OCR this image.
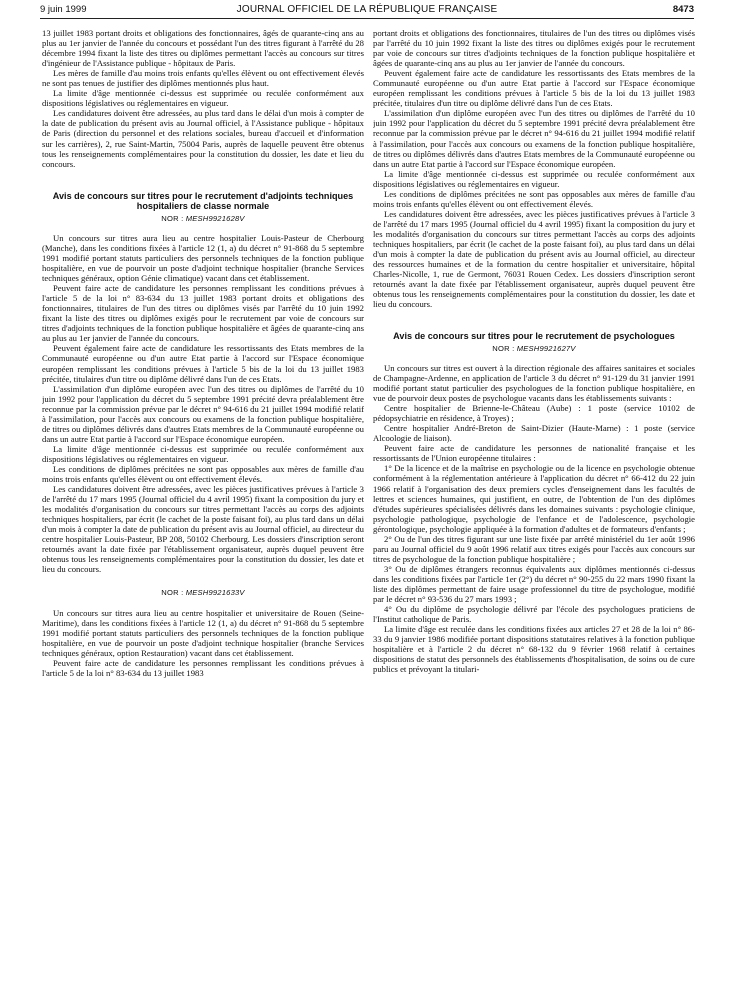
9 juin 1999	JOURNAL OFFICIEL DE LA RÉPUBLIQUE FRANÇAISE	8473

13 juillet 1983 portant droits et obligations des fonctionnaires, âgés de quarante-cinq ans au plus au 1er janvier de l'année du concours et possédant l'un des titres figurant à l'arrêté du 28 décembre 1994 fixant la liste des titres ou diplômes permettant l'accès au concours sur titres d'ingénieur de l'Assistance publique - hôpitaux de Paris.

Les mères de famille d'au moins trois enfants qu'elles élèvent ou ont effectivement élevés ne sont pas tenues de justifier des diplômes mentionnés plus haut.

La limite d'âge mentionnée ci-dessus est supprimée ou reculée conformément aux dispositions législatives ou réglementaires en vigueur.

Les candidatures doivent être adressées, au plus tard dans le délai d'un mois à compter de la date de publication du présent avis au Journal officiel, à l'Assistance publique - hôpitaux de Paris (direction du personnel et des relations sociales, bureau d'accueil et d'information sur les carrières), 2, rue Saint-Martin, 75004 Paris, auprès de laquelle peuvent être obtenus tous les renseignements complémentaires pour la constitution du dossier, les date et lieu du concours.

Avis de concours sur titres pour le recrutement d'adjoints techniques hospitaliers de classe normale
NOR : MESH9921628V

Un concours sur titres aura lieu au centre hospitalier Louis-Pasteur de Cherbourg (Manche), dans les conditions fixées à l'article 12 (1, a) du décret n° 91-868 du 5 septembre 1991 modifié portant statuts particuliers des personnels techniques de la fonction publique hospitalière, en vue de pourvoir un poste d'adjoint technique hospitalier (branche Services techniques généraux, option Génie climatique) vacant dans cet établissement.

Peuvent faire acte de candidature les personnes remplissant les conditions prévues à l'article 5 de la loi n° 83-634 du 13 juillet 1983 portant droits et obligations des fonctionnaires, titulaires de l'un des titres ou diplômes visés par l'arrêté du 10 juin 1992 fixant la liste des titres ou diplômes exigés pour le recrutement par voie de concours sur titres d'adjoints techniques de la fonction publique hospitalière et âgées de quarante-cinq ans au plus au 1er janvier de l'année du concours.

Peuvent également faire acte de candidature les ressortissants des Etats membres de la Communauté européenne ou d'un autre Etat partie à l'accord sur l'Espace économique européen remplissant les conditions prévues à l'article 5 bis de la loi du 13 juillet 1983 précitée, titulaires d'un titre ou diplôme délivré dans l'un de ces Etats.

L'assimilation d'un diplôme européen avec l'un des titres ou diplômes de l'arrêté du 10 juin 1992 pour l'application du décret du 5 septembre 1991 précité devra préalablement être reconnue par la commission prévue par le décret n° 94-616 du 21 juillet 1994 modifié relatif à l'assimilation, pour l'accès aux concours ou examens de la fonction publique hospitalière, de titres ou diplômes délivrés dans d'autres Etats membres de la Communauté européenne ou dans un autre Etat partie à l'accord sur l'Espace économique européen.

La limite d'âge mentionnée ci-dessus est supprimée ou reculée conformément aux dispositions législatives ou réglementaires en vigueur.

Les conditions de diplômes précitées ne sont pas opposables aux mères de famille d'au moins trois enfants qu'elles élèvent ou ont effectivement élevés.

Les candidatures doivent être adressées, avec les pièces justificatives prévues à l'article 3 de l'arrêté du 17 mars 1995 (Journal officiel du 4 avril 1995) fixant la composition du jury et les modalités d'organisation du concours sur titres permettant l'accès au corps des adjoints techniques hospitaliers, par écrit (le cachet de la poste faisant foi), au plus tard dans un délai d'un mois à compter la date de publication du présent avis au Journal officiel, au directeur du centre hospitalier Louis-Pasteur, BP 208, 50102 Cherbourg. Les dossiers d'inscription seront retournés avant la date fixée par l'établissement organisateur, auprès duquel peuvent être obtenus tous les renseignements complémentaires pour la constitution du dossier, les date et lieu du concours.

NOR : MESH9921633V

Un concours sur titres aura lieu au centre hospitalier et universitaire de Rouen (Seine-Maritime), dans les conditions fixées à l'article 12 (1, a) du décret n° 91-868 du 5 septembre 1991 modifié portant statuts particuliers des personnels techniques de la fonction publique hospitalière, en vue de pourvoir un poste d'adjoint technique hospitalier (branche Services techniques généraux, option Restauration) vacant dans cet établissement.

Peuvent faire acte de candidature les personnes remplissant les conditions prévues à l'article 5 de la loi n° 83-634 du 13 juillet 1983

portant droits et obligations des fonctionnaires, titulaires de l'un des titres ou diplômes visés par l'arrêté du 10 juin 1992 fixant la liste des titres ou diplômes exigés pour le recrutement par voie de concours sur titres d'adjoints techniques de la fonction publique hospitalière et âgées de quarante-cinq ans au plus au 1er janvier de l'année du concours.

Peuvent également faire acte de candidature les ressortissants des Etats membres de la Communauté européenne ou d'un autre Etat partie à l'accord sur l'Espace économique européen remplissant les conditions prévues à l'article 5 bis de la loi du 13 juillet 1983 précitée, titulaires d'un titre ou diplôme délivré dans l'un de ces Etats.

L'assimilation d'un diplôme européen avec l'un des titres ou diplômes de l'arrêté du 10 juin 1992 pour l'application du décret du 5 septembre 1991 précité devra préalablement être reconnue par la commission prévue par le décret n° 94-616 du 21 juillet 1994 modifié relatif à l'assimilation, pour l'accès aux concours ou examens de la fonction publique hospitalière, de titres ou diplômes délivrés dans d'autres Etats membres de la Communauté européenne ou dans un autre Etat partie à l'accord sur l'Espace économique européen.

La limite d'âge mentionnée ci-dessus est supprimée ou reculée conformément aux dispositions législatives ou réglementaires en vigueur.

Les conditions de diplômes précitées ne sont pas opposables aux mères de famille d'au moins trois enfants qu'elles élèvent ou ont effectivement élevés.

Les candidatures doivent être adressées, avec les pièces justificatives prévues à l'article 3 de l'arrêté du 17 mars 1995 (Journal officiel du 4 avril 1995) fixant la composition du jury et les modalités d'organisation du concours sur titres permettant l'accès au corps des adjoints techniques hospitaliers, par écrit (le cachet de la poste faisant foi), au plus tard dans un délai d'un mois à compter la date de publication du présent avis au Journal officiel, au directeur des ressources humaines et de la formation du centre hospitalier et universitaire, hôpital Charles-Nicolle, 1, rue de Germont, 76031 Rouen Cedex. Les dossiers d'inscription seront retournés avant la date fixée par l'établissement organisateur, auprès duquel peuvent être obtenus tous les renseignements complémentaires pour la constitution du dossier, les date et lieu du concours.

Avis de concours sur titres pour le recrutement de psychologues
NOR : MESH9921627V

Un concours sur titres est ouvert à la direction régionale des affaires sanitaires et sociales de Champagne-Ardenne, en application de l'article 3 du décret n° 91-129 du 31 janvier 1991 modifié portant statut particulier des psychologues de la fonction publique hospitalière, en vue de pourvoir deux postes de psychologue vacants dans les établissements suivants :

Centre hospitalier de Brienne-le-Château (Aube) : 1 poste (service 10102 de pédopsychiatrie en résidence, à Troyes) ;

Centre hospitalier André-Breton de Saint-Dizier (Haute-Marne) : 1 poste (service Alcoologie de liaison).

Peuvent faire acte de candidature les personnes de nationalité française et les ressortissants de l'Union européenne titulaires :

1° De la licence et de la maîtrise en psychologie ou de la licence en psychologie obtenue conformément à la réglementation antérieure à l'application du décret n° 66-412 du 22 juin 1966 relatif à l'organisation des deux premiers cycles d'enseignement dans les facultés de lettres et sciences humaines, qui justifient, en outre, de l'obtention de l'un des diplômes d'études supérieures spécialisées délivrés dans les domaines suivants : psychologie clinique, psychologie pathologique, psychologie de l'enfance et de l'adolescence, psychologie gérontologique, psychologie appliquée à la formation d'adultes et de formateurs d'enfants ;

2° Ou de l'un des titres figurant sur une liste fixée par arrêté ministériel du 1er août 1996 paru au Journal officiel du 9 août 1996 relatif aux titres exigés pour l'accès aux concours sur titres de psychologue de la fonction publique hospitalière ;

3° Ou de diplômes étrangers reconnus équivalents aux diplômes mentionnés ci-dessus dans les conditions fixées par l'article 1er (2°) du décret n° 90-255 du 22 mars 1990 fixant la liste des diplômes permettant de faire usage professionnel du titre de psychologue, modifié par le décret n° 93-536 du 27 mars 1993 ;

4° Ou du diplôme de psychologie délivré par l'école des psychologues praticiens de l'Institut catholique de Paris.

La limite d'âge est reculée dans les conditions fixées aux articles 27 et 28 de la loi n° 86-33 du 9 janvier 1986 modifiée portant dispositions statutaires relatives à la fonction publique hospitalière et à l'article 2 du décret n° 68-132 du 9 février 1968 relatif à certaines dispositions de statut des personnels des établissements d'hospitalisation, de soins ou de cure publics et prévoyant la titulari-
